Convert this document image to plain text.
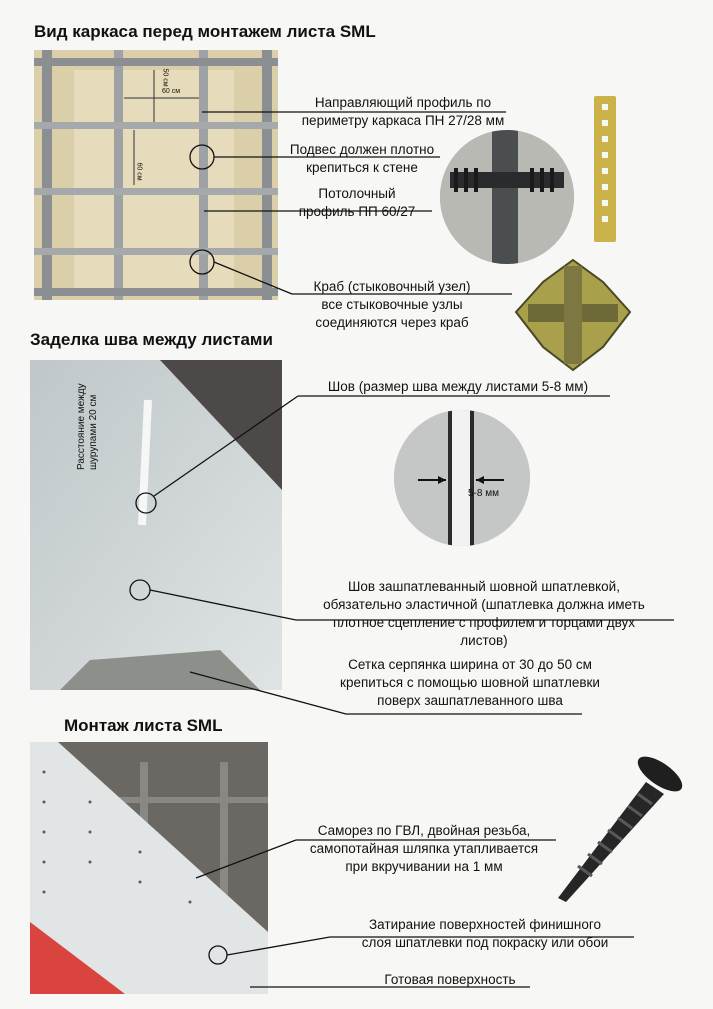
Вид каркаса перед монтажем листа SML
60 см
50 см
60 см
Направляющий профиль по
периметру каркаса ПН 27/28 мм
Подвес должен плотно
крепиться к стене
Потолочный
профиль ПП 60/27
Краб (стыковочный узел)
все стыковочные узлы
соединяются через краб
Заделка шва между листами
Расстояние между шурупами 20 см
5-8 мм
Шов (размер шва между листами 5-8 мм)
Шов зашпатлеванный шовной шпатлевкой,
обязательно эластичной (шпатлевка должна иметь
плотное сцепление с профилем и торцами двух
листов)
Сетка серпянка ширина от 30 до 50 см
крепиться с помощью шовной шпатлевки
поверх зашпатлеванного шва
Монтаж листа SML
Саморез по ГВЛ, двойная резьба,
самопотайная шляпка утапливается
при вкручивании на 1 мм
Затирание поверхностей финишного
слоя шпатлевки под покраску или обои
Готовая поверхность
